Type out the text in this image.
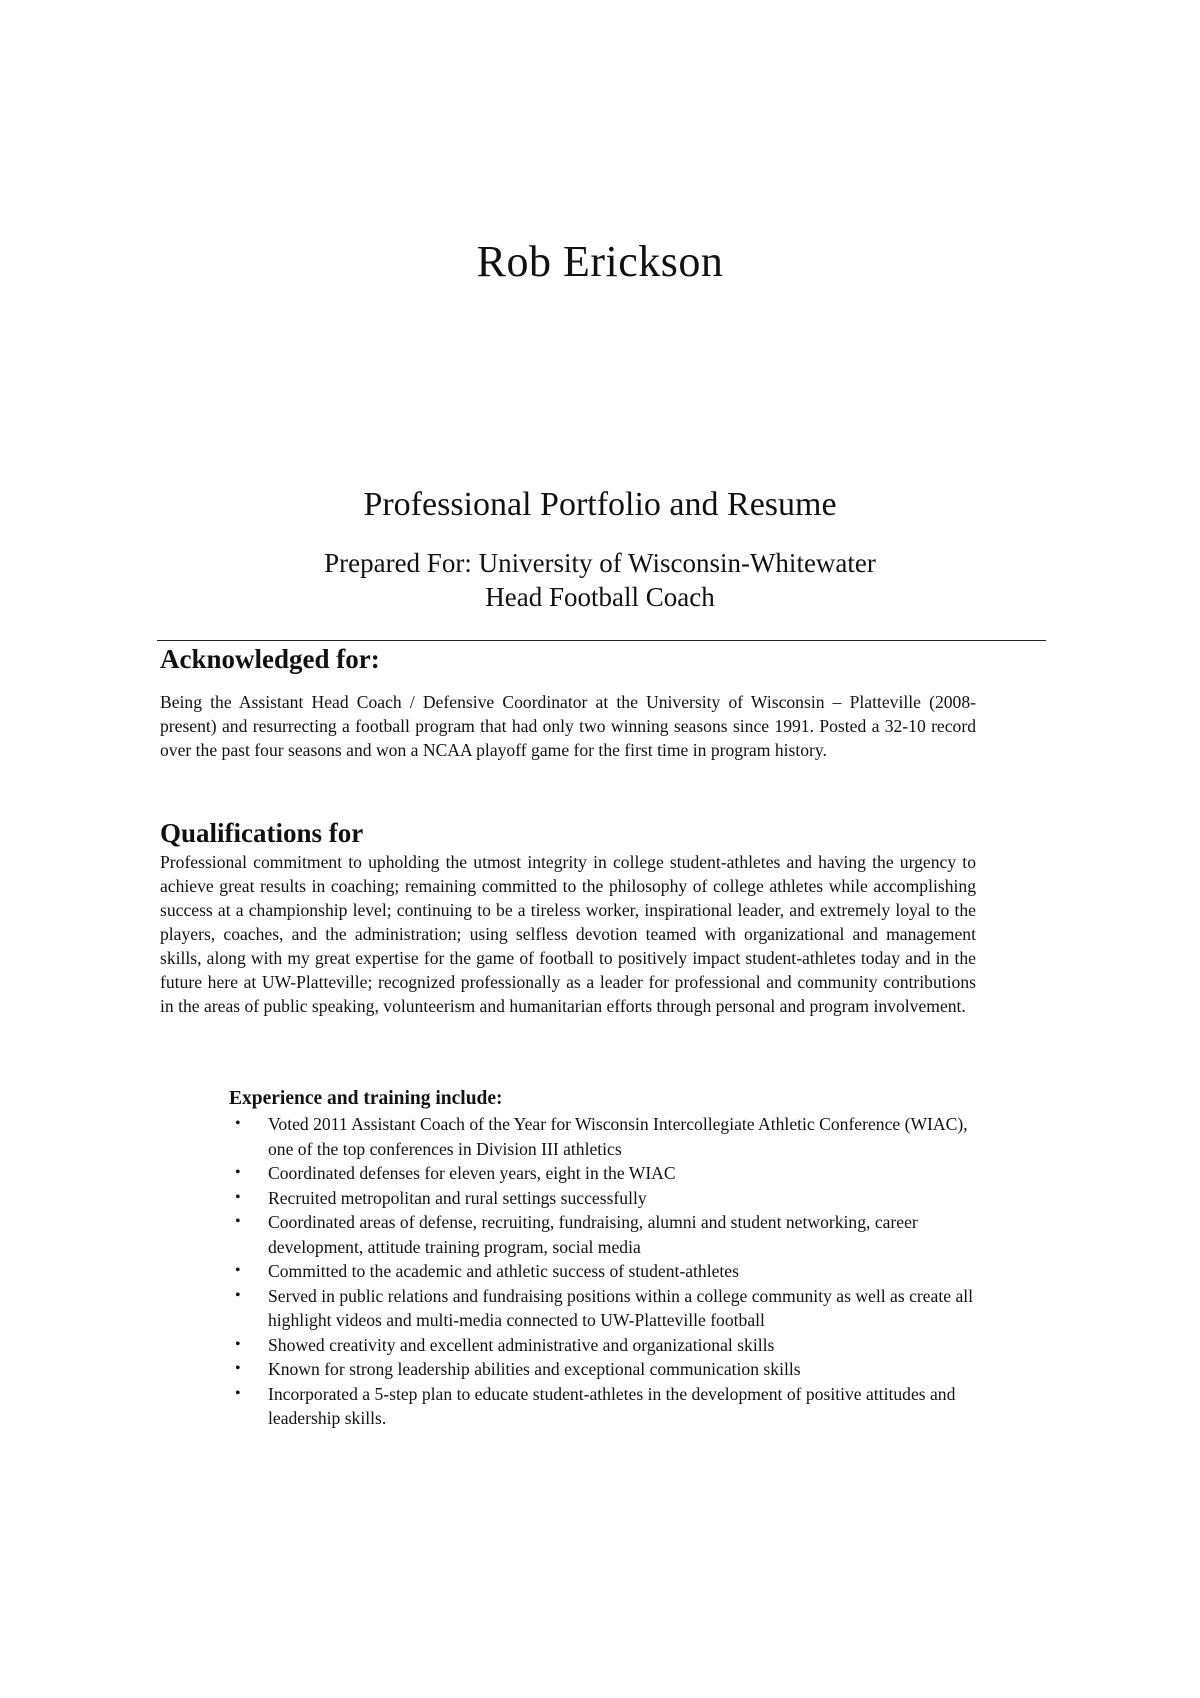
Rob Erickson
Professional Portfolio and Resume

Prepared For: University of Wisconsin-Whitewater

Head Football Coach

Acknowledged for:

Being the Assistant Head Coach / Defensive Coordinator at the University of Wisconsin – Platteville (2008-present) and resurrecting a football program that had only two winning seasons since 1991. Posted a 32-10 record over the past four seasons and won a NCAA playoff game for the first time in program history.

Qualifications for

Professional commitment to upholding the utmost integrity in college student-athletes and having the urgency to achieve great results in coaching; remaining committed to the philosophy of college athletes while accomplishing success at a championship level; continuing to be a tireless worker, inspirational leader, and extremely loyal to the players, coaches, and the administration; using selfless devotion teamed with organizational and management skills, along with my great expertise for the game of football to positively impact student-athletes today and in the future here at UW-Platteville; recognized professionally as a leader for professional and community contributions in the areas of public speaking, volunteerism and humanitarian efforts through personal and program involvement.

Experience and training include:
• Voted 2011 Assistant Coach of the Year for Wisconsin Intercollegiate Athletic Conference (WIAC), one of the top conferences in Division III athletics
• Coordinated defenses for eleven years, eight in the WIAC
• Recruited metropolitan and rural settings successfully
• Coordinated areas of defense, recruiting, fundraising, alumni and student networking, career development, attitude training program, social media
• Committed to the academic and athletic success of student-athletes
• Served in public relations and fundraising positions within a college community as well as create all highlight videos and multi-media connected to UW-Platteville football
• Showed creativity and excellent administrative and organizational skills
• Known for strong leadership abilities and exceptional communication skills
• Incorporated a 5-step plan to educate student-athletes in the development of positive attitudes and leadership skills.
